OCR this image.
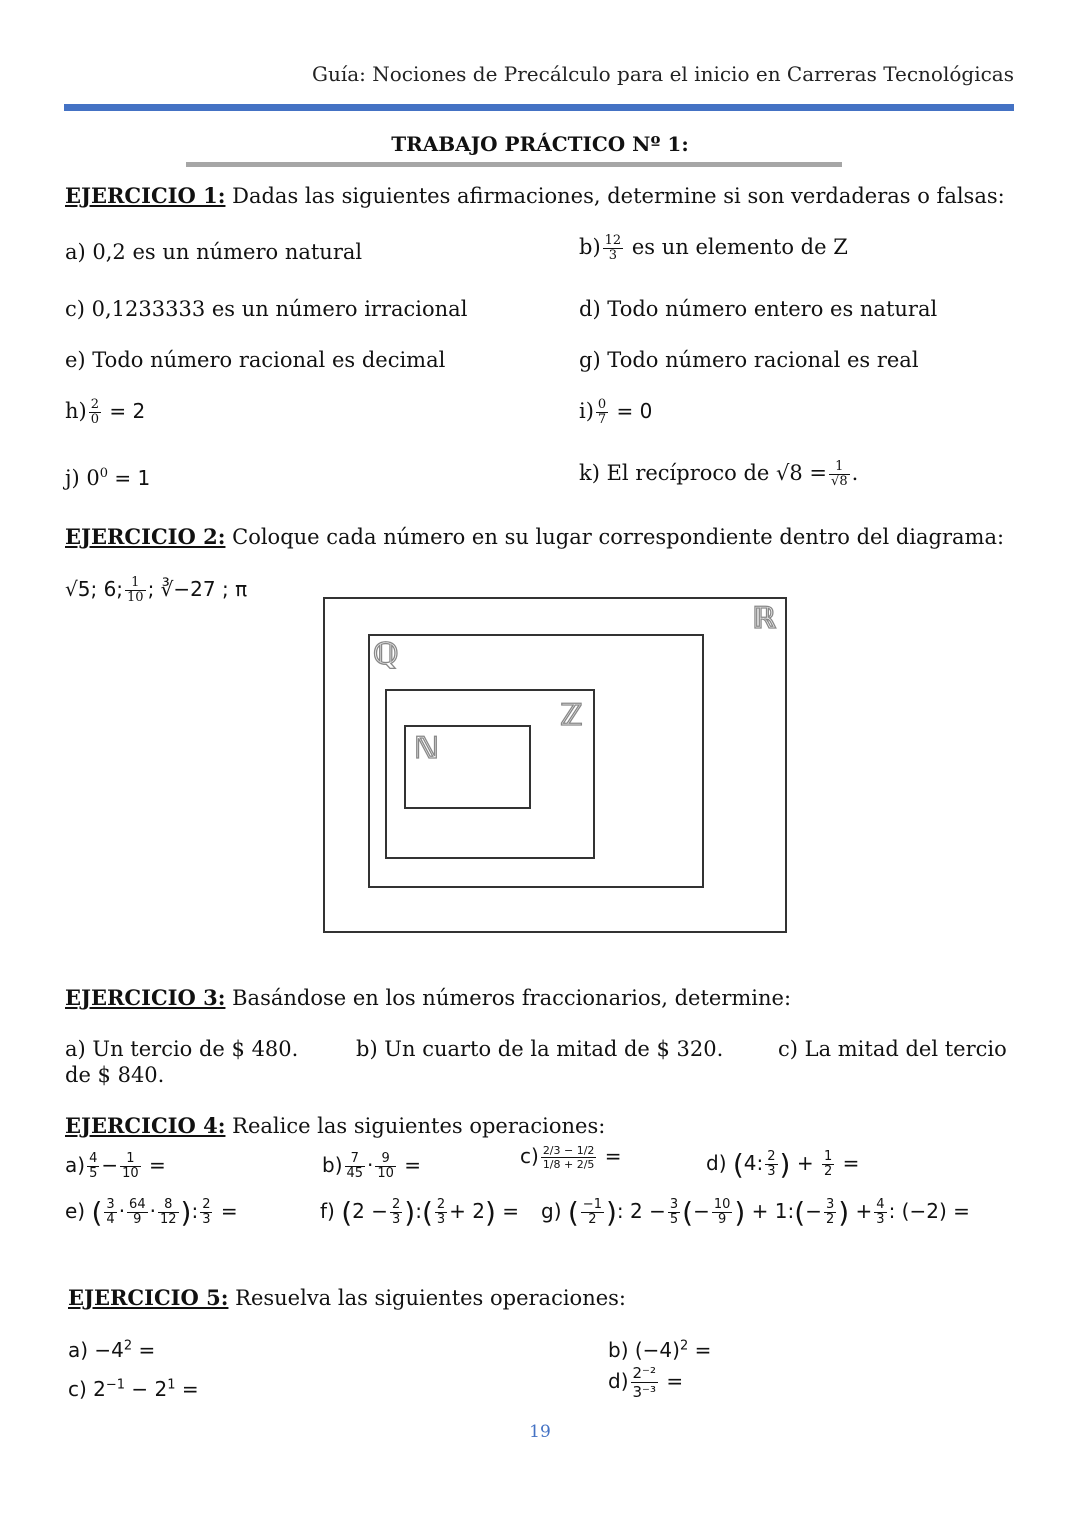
Guía: Nociones de Precálculo para el inicio en Carreras Tecnológicas
TRABAJO PRÁCTICO Nº 1:
EJERCICIO 1: Dadas las siguientes afirmaciones, determine si son verdaderas o falsas:
a) 0,2 es un número natural	$b) \frac{12}{3}$ es un elemento de Z
c) 0,1233333 es un número irracional	d) Todo número entero es natural
e) Todo número racional es decimal	g) Todo número racional es real
$h) \frac{2}{0} = 2$	$i) \frac{0}{7} = 0$
j) $0^0 = 1$	k) El recíproco de $√8 = \frac{1}{√8}$ .
EJERCICIO 2: Coloque cada número en su lugar correspondiente dentro del diagrama:
√5; 6; $\frac{1}{10}$ ; ∛−27 ; π
ℝ
ℚ
ℤ
ℕ
EJERCICIO 3: Basándose en los números fraccionarios, determine:
a) Un tercio de $ 480.	b) Un cuarto de la mitad de $ 320.	c) La mitad del tercio
de $ 840.
EJERCICIO 4: Realice las siguientes operaciones:
$a) \frac{4}{5} - \frac{1}{10}$ =	$b) \frac{7}{45} \cdot \frac{9}{10}$ =	$c) \frac{2/3 - 1/2}{1/8 + 2/5}$ =	d) (4: $\frac{2}{3}$ ) + $\frac{1}{2}$ =
e) ( $\frac{3}{4} \cdot \frac{64}{9} \cdot \frac{8}{12}$ ): $\frac{2}{3}$ =	f) ($2 - \frac{2}{3}$ ):( $\frac{2}{3} + 2) = g$) ( $\frac{-1}{2}$ ): $2 - \frac{3}{5}$ (− $\frac{10}{9}$ ) + 1:(− $\frac{3}{2}$ ) + $\frac{4}{3}$ : (−2) =
EJERCICIO 5: Resuelva las siguientes operaciones:
$a) -4^2$ =	b) $(-4)^2$ =
c) $2^{-1} - 2^1$ =	$d) \frac{\text{2⁻²}}{\text{3⁻³}}$ =
19
